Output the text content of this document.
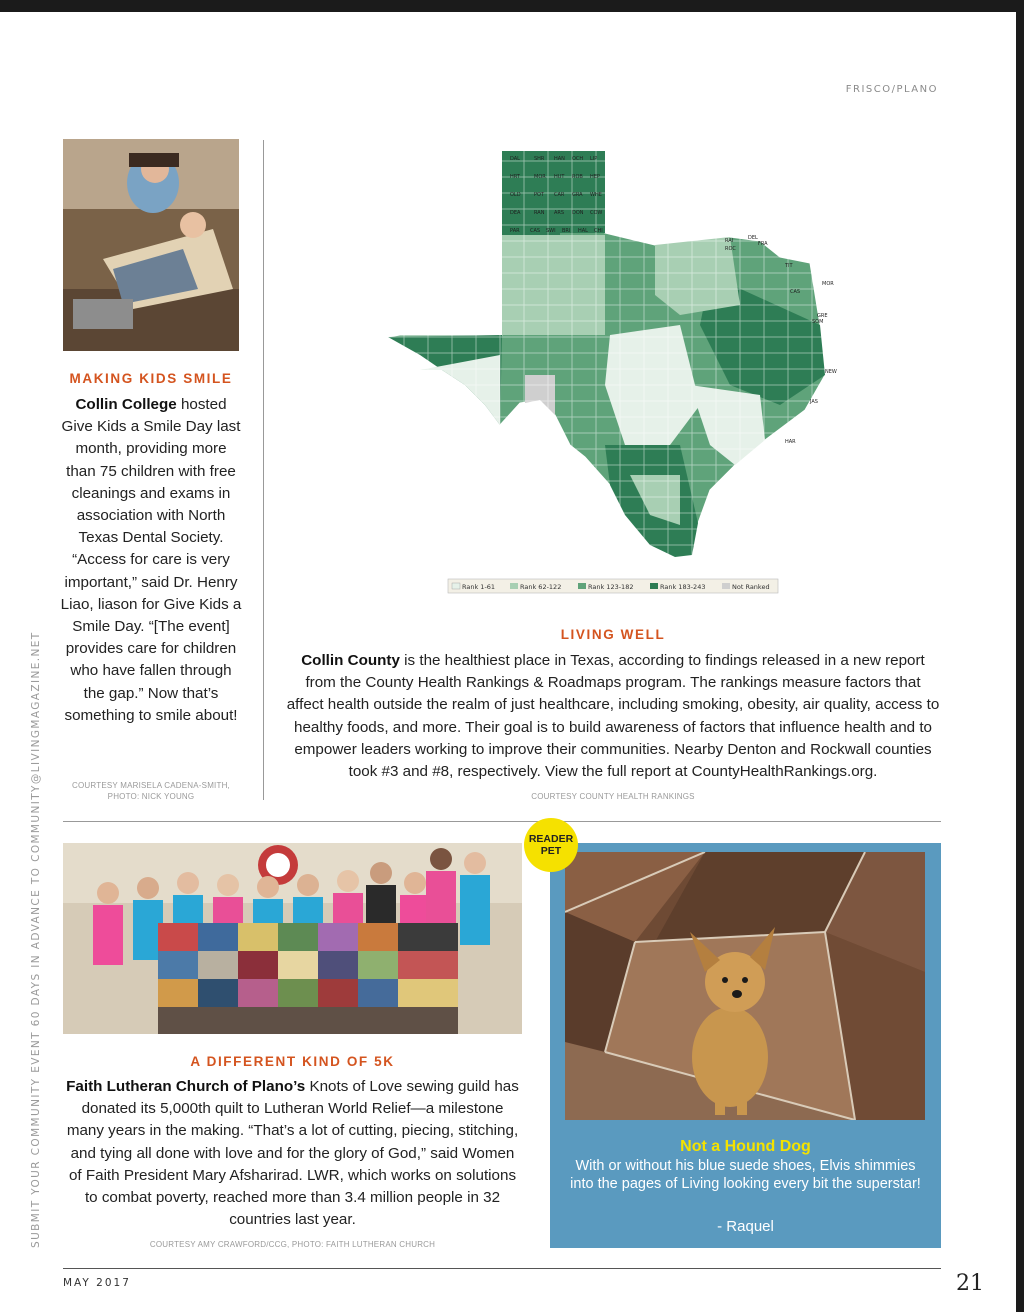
FRISCO/PLANO
SUBMIT YOUR COMMUNITY EVENT 60 DAYS IN ADVANCE TO COMMUNITY@LIVINGMAGAZINE.NET
MAKING KIDS SMILE
Collin College hosted Give Kids a Smile Day last month, providing more than 75 children with free cleanings and exams in association with North Texas Dental Society. “Access for care is very important,” said Dr. Henry Liao, liason for Give Kids a Smile Day. “[The event] provides care for children who have fallen through the gap.” Now that’s something to smile about!
COURTESY MARISELA CADENA-SMITH,
PHOTO: NICK YOUNG
DAL	SHR HAN OCH LIP
HRT	MOR HUT ROB HEP
OLD	POT CAR GRA WHE
DEA	RAN ARS DON COW
PAR CAS SWI BRI HAL CHI
RAI
ROC
DEL
FRA
TIT
CAS
MOR
GRE
SOM
NEW
JAS
HAR
Rank 1-61	Rank 62-122	Rank 123-182	Rank 183-243	Not Ranked
LIVING WELL
Collin County is the healthiest place in Texas, according to findings released in a new report from the County Health Rankings & Roadmaps program. The rankings measure factors that affect health outside the realm of just healthcare, including smoking, obesity, air quality, access to healthy foods, and more. Their goal is to build awareness of factors that influence health and to empower leaders working to improve their communities. Nearby Denton and Rockwall counties took #3 and #8, respectively. View the full report at CountyHealthRankings.org.
COURTESY COUNTY HEALTH RANKINGS
A DIFFERENT KIND OF 5K
Faith Lutheran Church of Plano’s Knots of Love sewing guild has donated its 5,000th quilt to Lutheran World Relief—a milestone many years in the making. “That’s a lot of cutting, piecing, stitching, and tying all done with love and for the glory of God,” said Women of Faith President Mary Afsharirad. LWR, which works on solutions to combat poverty, reached more than 3.4 million people in 32 countries last year.
COURTESY AMY CRAWFORD/CCG, PHOTO: FAITH LUTHERAN CHURCH
Not a Hound Dog
With or without his blue suede shoes, Elvis shimmies into the pages of Living looking every bit the superstar!
- Raquel
READER
PET
MAY 2017	21
